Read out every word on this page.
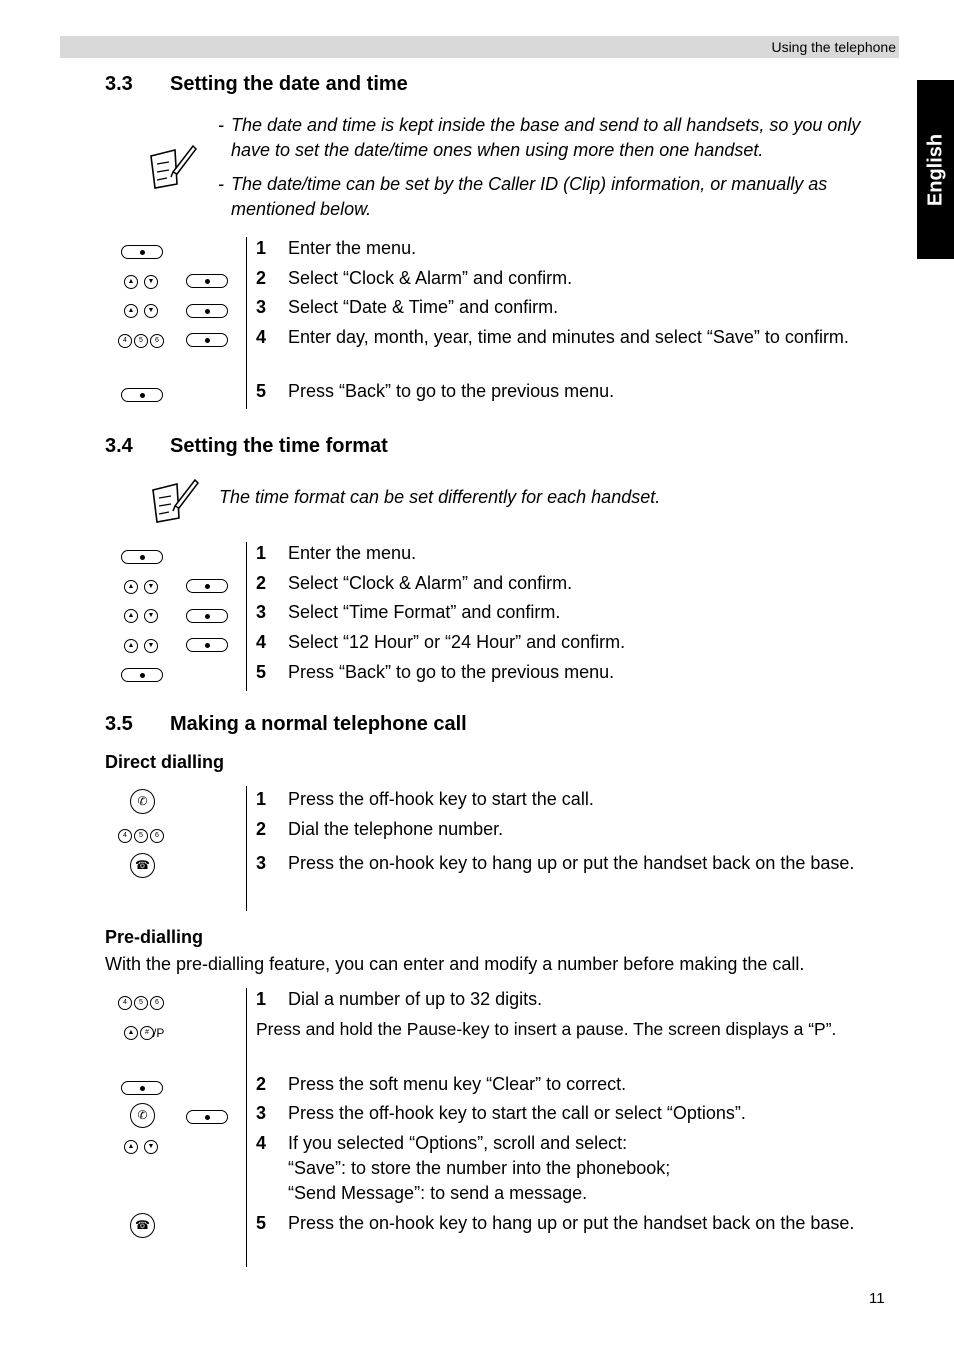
Using the telephone
English
3.3 Setting the date and time
- The date and time is kept inside the base and send to all handsets, so you only have to set the date/time ones when using more then one handset.
- The date/time can be set by the Caller ID (Clip) information, or manually as mentioned below.
▲	▼
▲	▼
4	5	6
1 Enter the menu.
2 Select “Clock & Alarm” and confirm.
3 Select “Date & Time” and confirm.
4 Enter day, month, year, time and minutes and select “Save” to confirm.
5 Press “Back” to go to the previous menu.
3.4 Setting the time format
The time format can be set differently for each handset.
▲	▼
▲	▼
▲	▼
1 Enter the menu.
2 Select “Clock & Alarm” and confirm.
3 Select “Time Format” and confirm.
4 Select “12 Hour” or “24 Hour” and confirm.
5 Press “Back” to go to the previous menu.
3.5 Making a normal telephone call
Direct dialling
✆
4	5	6
☎
1 Press the off-hook key to start the call.
2 Dial the telephone number.
3 Press the on-hook key to hang up or put the handset back on the base.
Pre-dialling
With the pre-dialling feature, you can enter and modify a number before making the call.
4	5	6
▲	# /P
✆
▲	▼
☎
1 Dial a number of up to 32 digits.
Press and hold the Pause-key to insert a pause. The screen displays a “P”.
2 Press the soft menu key “Clear” to correct.
3 Press the off-hook key to start the call or select “Options”.
4 If you selected “Options”, scroll and select:
“Save”: to store the number into the phonebook;
“Send Message”: to send a message.
5 Press the on-hook key to hang up or put the handset back on the base.
11
